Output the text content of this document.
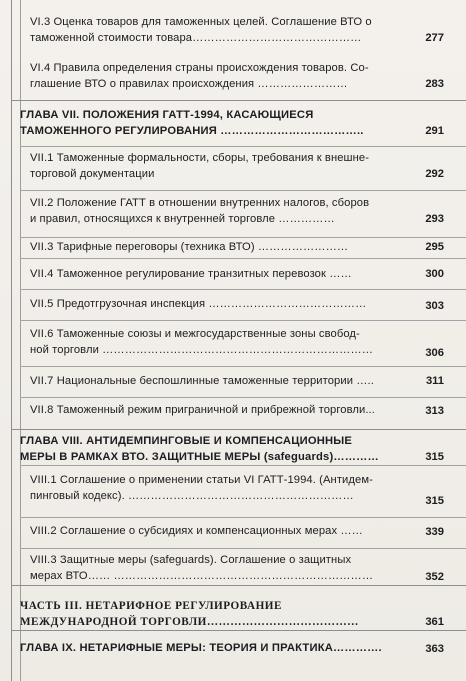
VI.3 Оценка товаров для таможенных целей. Соглашение ВТО о
таможенной стоимости товара………………………………………	277
VI.4 Правила определения страны происхождения товаров. Со-
глашение ВТО о правилах происхождения ……………………	283
ГЛАВА VII. ПОЛОЖЕНИЯ ГАТТ-1994, КАСАЮЩИЕСЯ
ТАМОЖЕННОГО РЕГУЛИРОВАНИЯ ………………………………..	291
VII.1 Таможенные формальности, сборы, требования к внешне-
торговой документации	292
VII.2 Положение ГАТТ в отношении внутренних налогов, сборов
и правил, относящихся к внутренней торговле ……………	293
VII.3 Тарифные переговоры (техника ВТО) ……………………	295
VII.4 Таможенное регулирование транзитных перевозок ……	300
VII.5 Предотгрузочная инспекция ……………………………………	303
VII.6 Таможенные союзы и межгосударственные зоны свобод-
ной торговли ………………………………………………………………	306
VII.7 Национальные беспошлинные таможенные территории …..	311
VII.8 Таможенный режим приграничной и прибрежной торговли...	313
ГЛАВА VIII. АНТИДЕМПИНГОВЫЕ И КОМПЕНСАЦИОННЫЕ
МЕРЫ В РАМКАХ ВТО. ЗАЩИТНЫЕ МЕРЫ (safeguards)…………	315
VIII.1 Соглашение о применении статьи VI ГАТТ-1994. (Антидем-
пинговый кодекс). ……………………………………………………	315
VIII.2 Соглашение о субсидиях и компенсационных мерах ……	339
VIII.3 Защитные меры (safeguards). Соглашение о защитных
мерах ВТО…… ……………………………………………………………	352
ЧАСТЬ III. НЕТАРИФНОЕ РЕГУЛИРОВАНИЕ
МЕЖДУНАРОДНОЙ ТОРГОВЛИ…………………………………	361
ГЛАВА IX. НЕТАРИФНЫЕ МЕРЫ: ТЕОРИЯ И ПРАКТИКА………….	363
